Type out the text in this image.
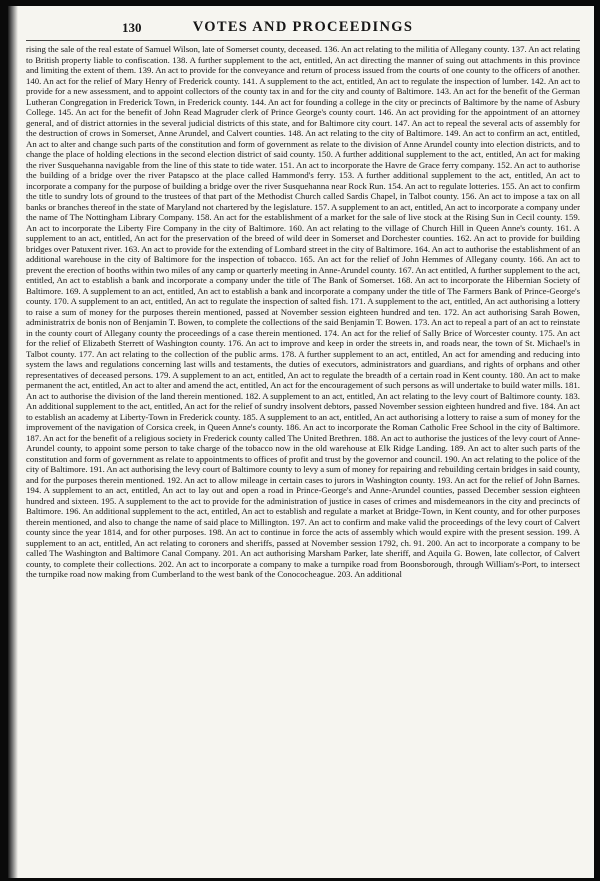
130	VOTES AND PROCEEDINGS

rising the sale of the real estate of Samuel Wilson, late of Somerset county, deceased. 136. An act relating to the militia of Allegany county. 137. An act relating to British property liable to confiscation. 138. A further supplement to the act, entitled, An act directing the manner of suing out attachments in this province and limiting the extent of them. 139. An act to provide for the conveyance and return of process issued from the courts of one county to the officers of another. 140. An act for the relief of Mary Henry of Frederick county. 141. A supplement to the act, entitled, An act to regulate the inspection of lumber. 142. An act to provide for a new assessment, and to appoint collectors of the county tax in and for the city and county of Baltimore. 143. An act for the benefit of the German Lutheran Congregation in Frederick Town, in Frederick county. 144. An act for founding a college in the city or precincts of Baltimore by the name of Asbury College. 145. An act for the benefit of John Read Magruder clerk of Prince George's county court. 146. An act providing for the appointment of an attorney general, and of district attornies in the several judicial districts of this state, and for Baltimore city court. 147. An act to repeal the several acts of assembly for the destruction of crows in Somerset, Anne Arundel, and Calvert counties. 148. An act relating to the city of Baltimore. 149. An act to confirm an act, entitled, An act to alter and change such parts of the constitution and form of government as relate to the division of Anne Arundel county into election districts, and to change the place of holding elections in the second election district of said county. 150. A further additional supplement to the act, entitled, An act for making the river Susquehanna navigable from the line of this state to tide water. 151. An act to incorporate the Havre de Grace ferry company. 152. An act to authorise the building of a bridge over the river Patapsco at the place called Hammond's ferry. 153. A further additional supplement to the act, entitled, An act to incorporate a company for the purpose of building a bridge over the river Susquehanna near Rock Run. 154. An act to regulate lotteries. 155. An act to confirm the title to sundry lots of ground to the trustees of that part of the Methodist Church called Sardis Chapel, in Talbot county. 156. An act to impose a tax on all banks or branches thereof in the state of Maryland not chartered by the legislature. 157. A supplement to an act, entitled, An act to incorporate a company under the name of The Nottingham Library Company. 158. An act for the establishment of a market for the sale of live stock at the Rising Sun in Cecil county. 159. An act to incorporate the Liberty Fire Company in the city of Baltimore. 160. An act relating to the village of Church Hill in Queen Anne's county. 161. A supplement to an act, entitled, An act for the preservation of the breed of wild deer in Somerset and Dorchester counties. 162. An act to provide for building bridges over Patuxent river. 163. An act to provide for the extending of Lombard street in the city of Baltimore. 164. An act to authorise the establishment of an additional warehouse in the city of Baltimore for the inspection of tobacco. 165. An act for the relief of John Hemmes of Allegany county. 166. An act to prevent the erection of booths within two miles of any camp or quarterly meeting in Anne-Arundel county. 167. An act entitled, A further supplement to the act, entitled, An act to establish a bank and incorporate a company under the title of The Bank of Somerset. 168. An act to incorporate the Hibernian Society of Baltimore. 169. A supplement to an act, entitled, An act to establish a bank and incorporate a company under the title of The Farmers Bank of Prince-George's county. 170. A supplement to an act, entitled, An act to regulate the inspection of salted fish. 171. A supplement to the act, entitled, An act authorising a lottery to raise a sum of money for the purposes therein mentioned, passed at November session eighteen hundred and ten. 172. An act authorising Sarah Bowen, administratrix de bonis non of Benjamin T. Bowen, to complete the collections of the said Benjamin T. Bowen. 173. An act to repeal a part of an act to reinstate in the county court of Allegany county the proceedings of a case therein mentioned. 174. An act for the relief of Sally Brice of Worcester county. 175. An act for the relief of Elizabeth Sterrett of Washington county. 176. An act to improve and keep in order the streets in, and roads near, the town of St. Michael's in Talbot county. 177. An act relating to the collection of the public arms. 178. A further supplement to an act, entitled, An act for amending and reducing into system the laws and regulations concerning last wills and testaments, the duties of executors, administrators and guardians, and rights of orphans and other representatives of deceased persons. 179. A supplement to an act, entitled, An act to regulate the breadth of a certain road in Kent county. 180. An act to make permanent the act, entitled, An act to alter and amend the act, entitled, An act for the encouragement of such persons as will undertake to build water mills. 181. An act to authorise the division of the land therein mentioned. 182. A supplement to an act, entitled, An act relating to the levy court of Baltimore county. 183. An additional supplement to the act, entitled, An act for the relief of sundry insolvent debtors, passed November session eighteen hundred and five. 184. An act to establish an academy at Liberty-Town in Frederick county. 185. A supplement to an act, entitled, An act authorising a lottery to raise a sum of money for the improvement of the navigation of Corsica creek, in Queen Anne's county. 186. An act to incorporate the Roman Catholic Free School in the city of Baltimore. 187. An act for the benefit of a religious society in Frederick county called The United Brethren. 188. An act to authorise the justices of the levy court of Anne-Arundel county, to appoint some person to take charge of the tobacco now in the old warehouse at Elk Ridge Landing. 189. An act to alter such parts of the constitution and form of government as relate to appointments to offices of profit and trust by the governor and council. 190. An act relating to the police of the city of Baltimore. 191. An act authorising the levy court of Baltimore county to levy a sum of money for repairing and rebuilding certain bridges in said county, and for the purposes therein mentioned. 192. An act to allow mileage in certain cases to jurors in Washington county. 193. An act for the relief of John Barnes. 194. A supplement to an act, entitled, An act to lay out and open a road in Prince-George's and Anne-Arundel counties, passed December session eighteen hundred and sixteen. 195. A supplement to the act to provide for the administration of justice in cases of crimes and misdemeanors in the city and precincts of Baltimore. 196. An additional supplement to the act, entitled, An act to establish and regulate a market at Bridge-Town, in Kent county, and for other purposes therein mentioned, and also to change the name of said place to Millington. 197. An act to confirm and make valid the proceedings of the levy court of Calvert county since the year 1814, and for other purposes. 198. An act to continue in force the acts of assembly which would expire with the present session. 199. A supplement to an act, entitled, An act relating to coroners and sheriffs, passed at November session 1792, ch. 91. 200. An act to incorporate a company to be called The Washington and Baltimore Canal Company. 201. An act authorising Marsham Parker, late sheriff, and Aquila G. Bowen, late collector, of Calvert county, to complete their collections. 202. An act to incorporate a company to make a turnpike road from Boonsborough, through William's-Port, to intersect the turnpike road now making from Cumberland to the west bank of the Conococheague. 203. An additional
